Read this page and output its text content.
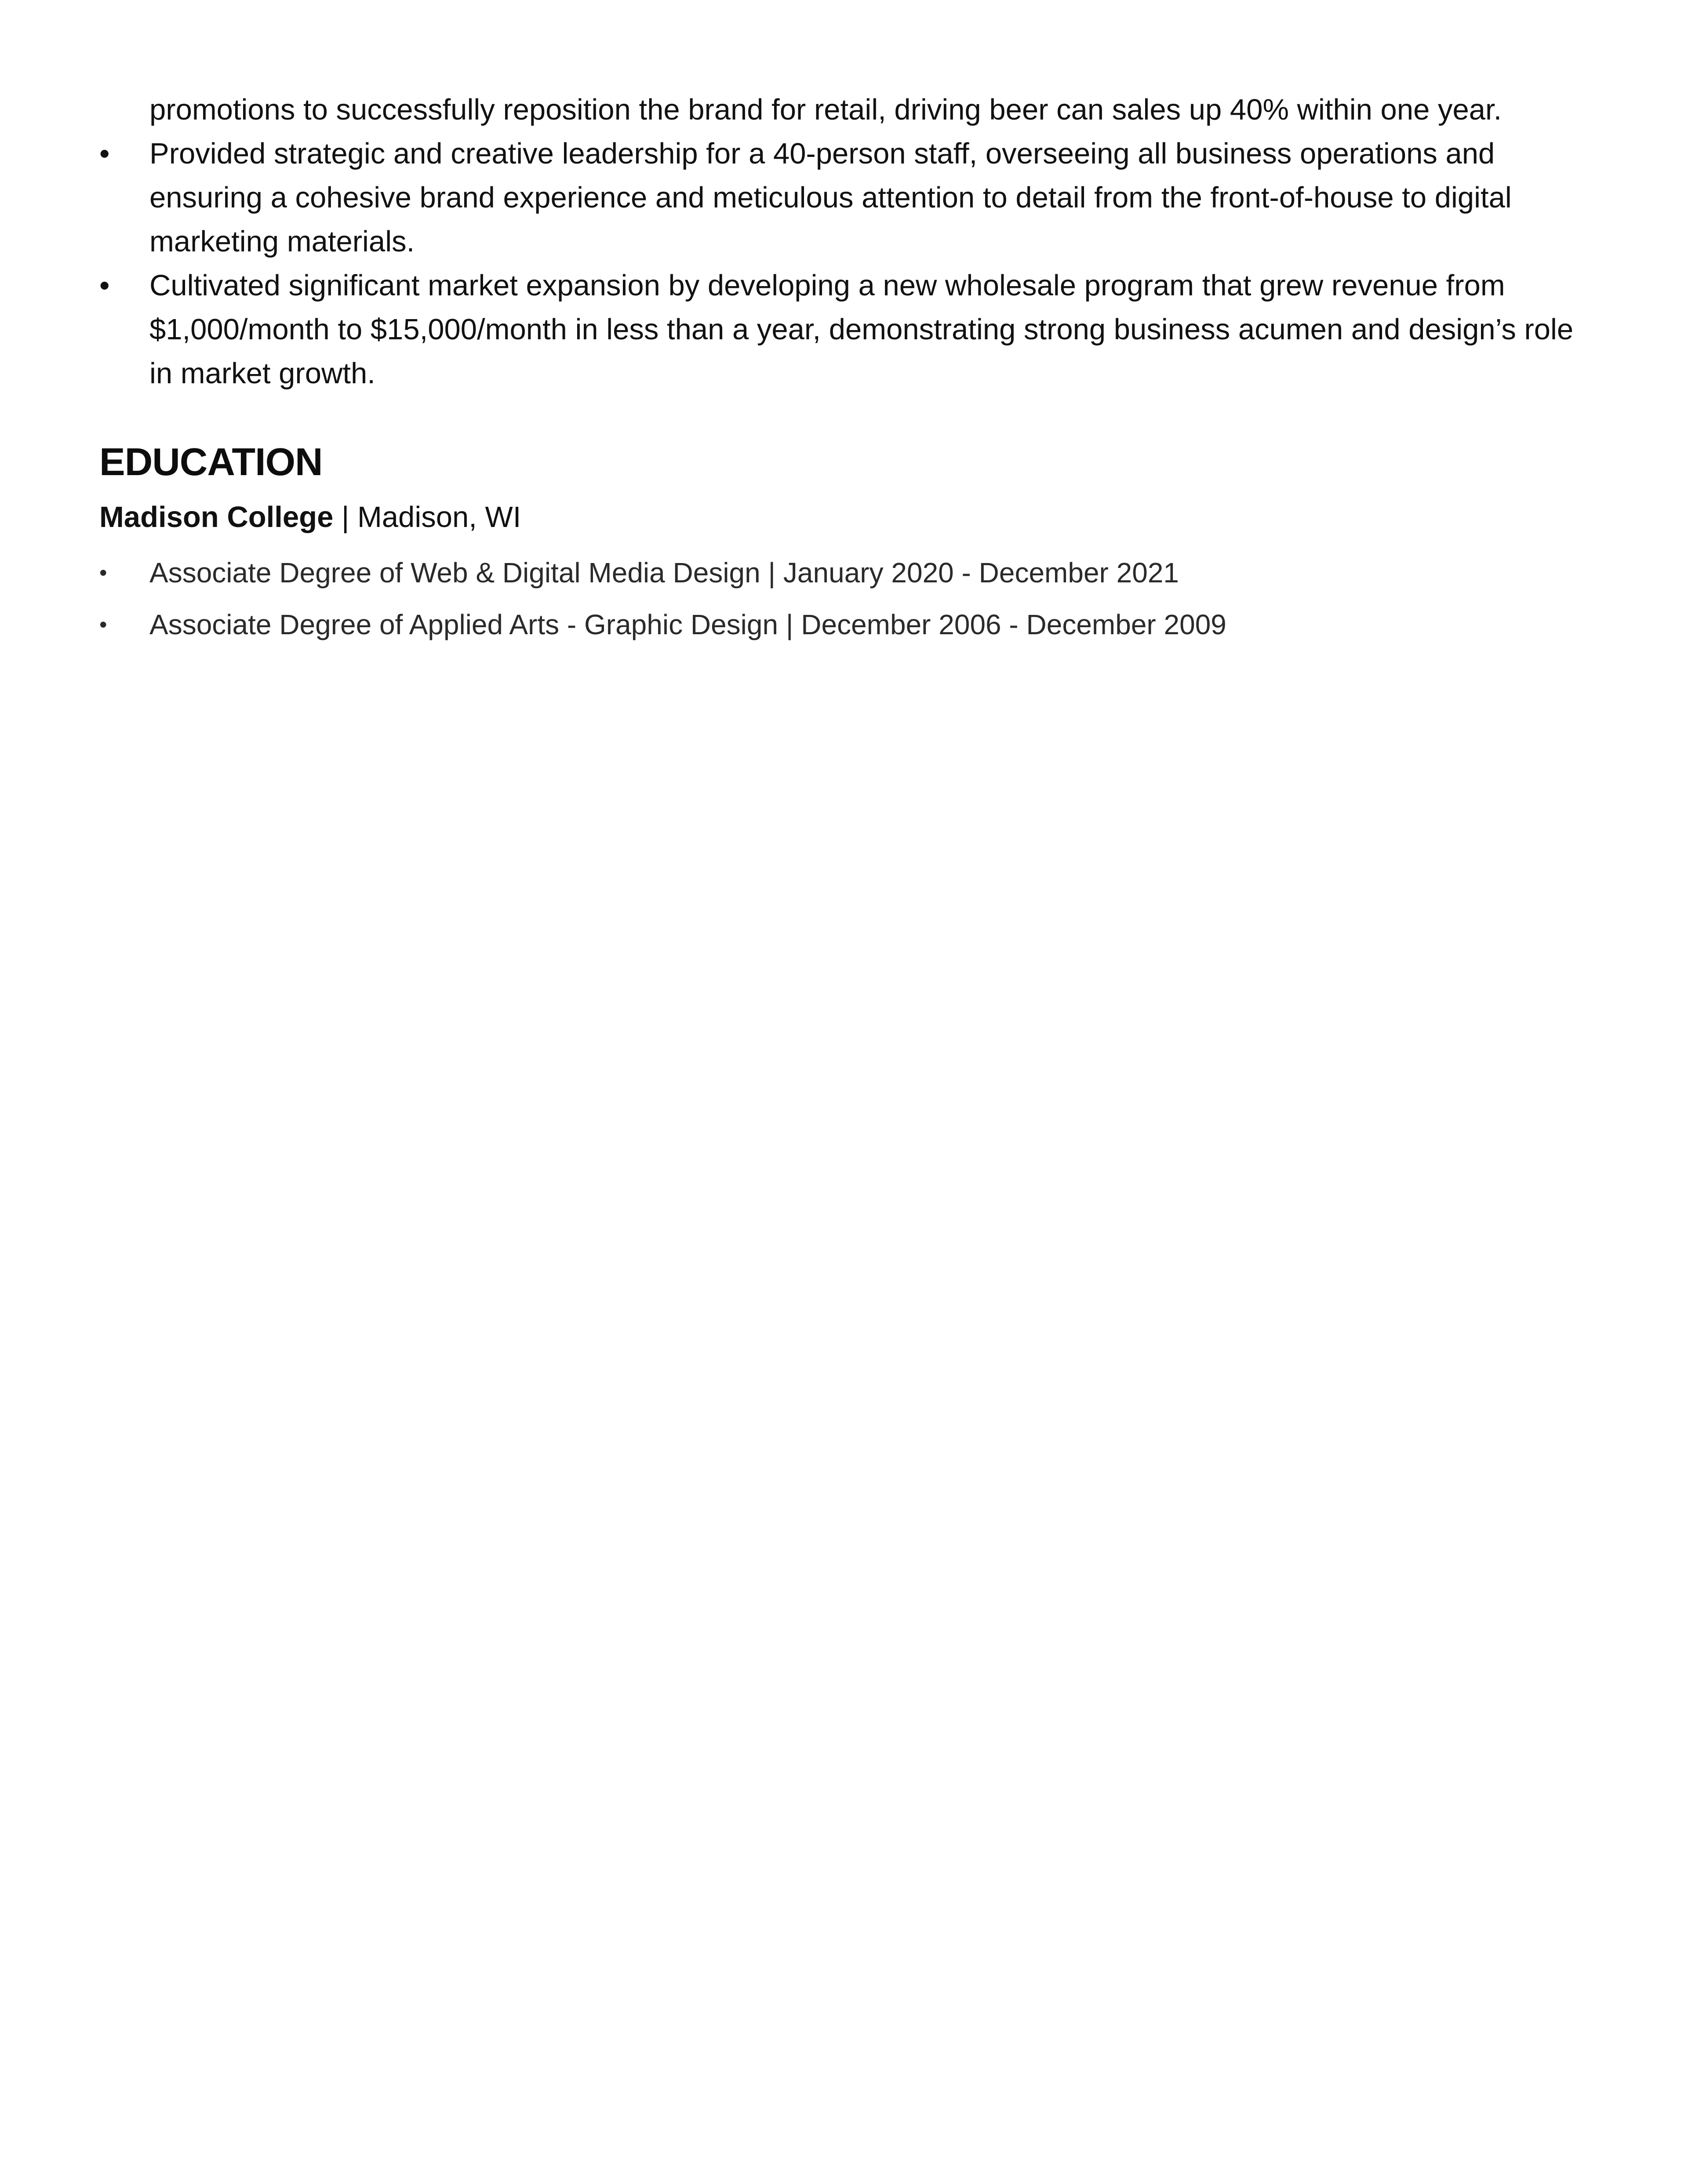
promotions to successfully reposition the brand for retail, driving beer can sales up 40% within one year.
• Provided strategic and creative leadership for a 40-person staff, overseeing all business operations and ensuring a cohesive brand experience and meticulous attention to detail from the front-of-house to digital marketing materials.
• Cultivated significant market expansion by developing a new wholesale program that grew revenue from $1,000/month to $15,000/month in less than a year, demonstrating strong business acumen and design’s role in market growth.
EDUCATION
Madison College | Madison, WI
• Associate Degree of Web & Digital Media Design | January 2020 - December 2021
• Associate Degree of Applied Arts - Graphic Design | December 2006 - December 2009
